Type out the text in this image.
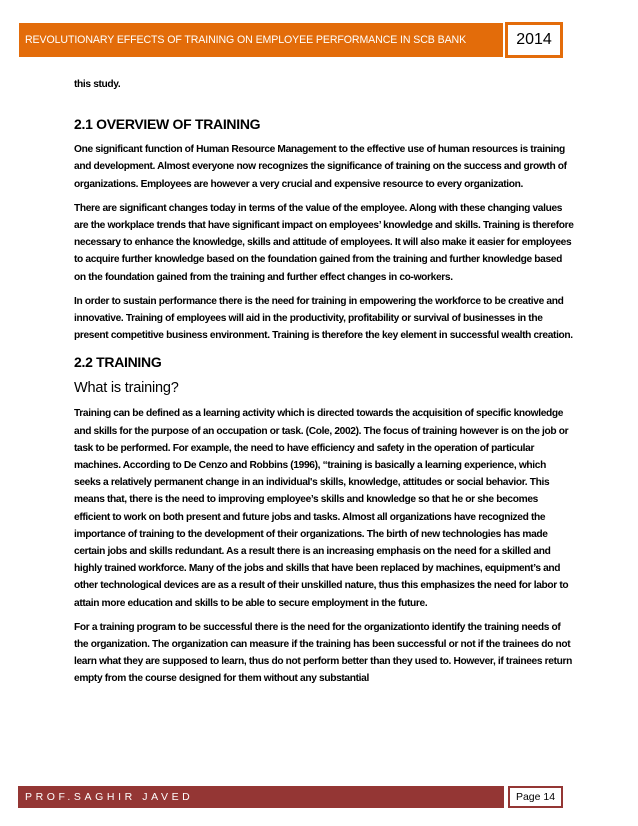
REVOLUTIONARY EFFECTS OF TRAINING ON EMPLOYEE PERFORMANCE IN SCB BANK	2014

this study.

2.1 OVERVIEW OF TRAINING

One significant function of Human Resource Management to the effective use of human resources is training and development. Almost everyone now recognizes the significance of training on the success and growth of organizations. Employees are however a very crucial and expensive resource to every organization.

There are significant changes today in terms of the value of the employee. Along with these changing values are the workplace trends that have significant impact on employees’ knowledge and skills. Training is therefore necessary to enhance the knowledge, skills and attitude of employees. It will also make it easier for employees to acquire further knowledge based on the foundation gained from the training and further knowledge based on the foundation gained from the training and further effect changes in co-workers.

In order to sustain performance there is the need for training in empowering the workforce to be creative and innovative. Training of employees will aid in the productivity, profitability or survival of businesses in the present competitive business environment. Training is therefore the key element in successful wealth creation.

2.2 TRAINING
What is training?

Training can be defined as a learning activity which is directed towards the acquisition of specific knowledge and skills for the purpose of an occupation or task. (Cole, 2002). The focus of training however is on the job or task to be performed. For example, the need to have efficiency and safety in the operation of particular machines. According to De Cenzo and Robbins (1996), “training is basically a learning experience, which seeks a relatively permanent change in an individual's skills, knowledge, attitudes or social behavior. This means that, there is the need to improving employee’s skills and knowledge so that he or she becomes efficient to work on both present and future jobs and tasks. Almost all organizations have recognized the importance of training to the development of their organizations. The birth of new technologies has made certain jobs and skills redundant. As a result there is an increasing emphasis on the need for a skilled and highly trained workforce. Many of the jobs and skills that have been replaced by machines, equipment’s and other technological devices are as a result of their unskilled nature, thus this emphasizes the need for labor to attain more education and skills to be able to secure employment in the future.

For a training program to be successful there is the need for the organizationto identify the training needs of the organization. The organization can measure if the training has been successful or not if the trainees do not learn what they are supposed to learn, thus do not perform better than they used to. However, if trainees return empty from the course designed for them without any substantial

PROF.SAGHIR JAVED	Page 14
